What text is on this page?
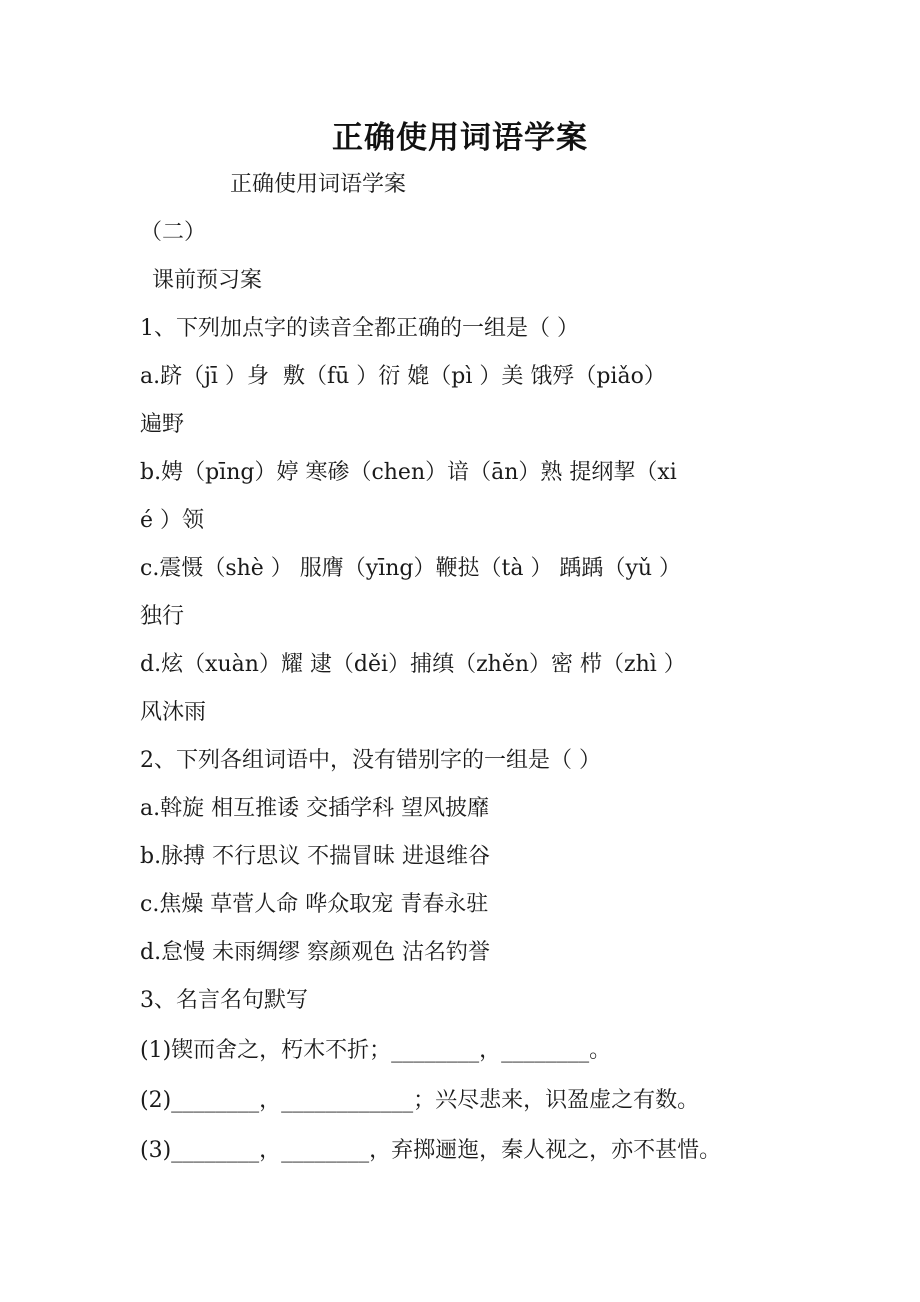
正确使用词语学案
正确使用词语学案
（二）
课前预习案
1、下列加点字的读音全都正确的一组是（ ）
a.跻（jī ）身  敷（fū ）衍 媲（pì ）美 饿殍（piǎo）
遍野
b.娉（pīng）婷 寒碜（chen）谙（ān）熟 提纲挈（xi
é ）领
c.震慑（shè ） 服膺（yīng）鞭挞（tà ） 踽踽（yǔ ）
独行
d.炫（xuàn）耀 逮（děi）捕缜（zhěn）密 栉（zhì ）
风沐雨
2、下列各组词语中，没有错别字的一组是（ ）
a.斡旋 相互推诿 交插学科 望风披靡
b.脉搏 不行思议 不揣冒昧 进退维谷
c.焦燥 草菅人命 哗众取宠 青春永驻
d.怠慢 未雨绸缪 察颜观色 沽名钓誉
3、名言名句默写
(1)锲而舍之，朽木不折；________，________。
(2)________，____________；兴尽悲来，识盈虚之有数。
(3)________，________，弃掷逦迤，秦人视之，亦不甚惜。
